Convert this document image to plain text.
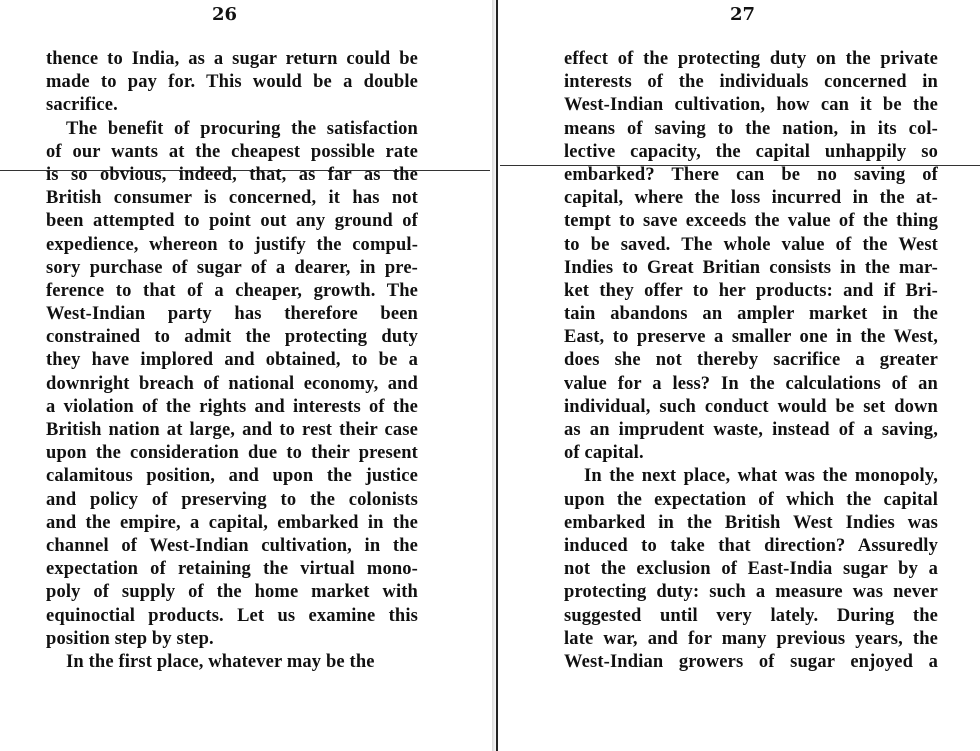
26
thence to India, as a sugar return could be
made to pay for. This would be a double
sacrifice.
The benefit of procuring the satisfaction
of our wants at the cheapest possible rate
is so obvious, indeed, that, as far as the
British consumer is concerned, it has not
been attempted to point out any ground of
expedience, whereon to justify the compul-
sory purchase of sugar of a dearer, in pre-
ference to that of a cheaper, growth. The
West-Indian party has therefore been
constrained to admit the protecting duty
they have implored and obtained, to be a
downright breach of national economy, and
a violation of the rights and interests of the
British nation at large, and to rest their case
upon the consideration due to their present
calamitous position, and upon the justice
and policy of preserving to the colonists
and the empire, a capital, embarked in the
channel of West-Indian cultivation, in the
expectation of retaining the virtual mono-
poly of supply of the home market with
equinoctial products. Let us examine this
position step by step.
In the first place, whatever may be the
27
effect of the protecting duty on the private
interests of the individuals concerned in
West-Indian cultivation, how can it be the
means of saving to the nation, in its col-
lective capacity, the capital unhappily so
embarked? There can be no saving of
capital, where the loss incurred in the at-
tempt to save exceeds the value of the thing
to be saved. The whole value of the West
Indies to Great Britian consists in the mar-
ket they offer to her products: and if Bri-
tain abandons an ampler market in the
East, to preserve a smaller one in the West,
does she not thereby sacrifice a greater
value for a less? In the calculations of an
individual, such conduct would be set down
as an imprudent waste, instead of a saving,
of capital.
In the next place, what was the monopoly,
upon the expectation of which the capital
embarked in the British West Indies was
induced to take that direction? Assuredly
not the exclusion of East-India sugar by a
protecting duty: such a measure was never
suggested until very lately. During the
late war, and for many previous years, the
West-Indian growers of sugar enjoyed a
